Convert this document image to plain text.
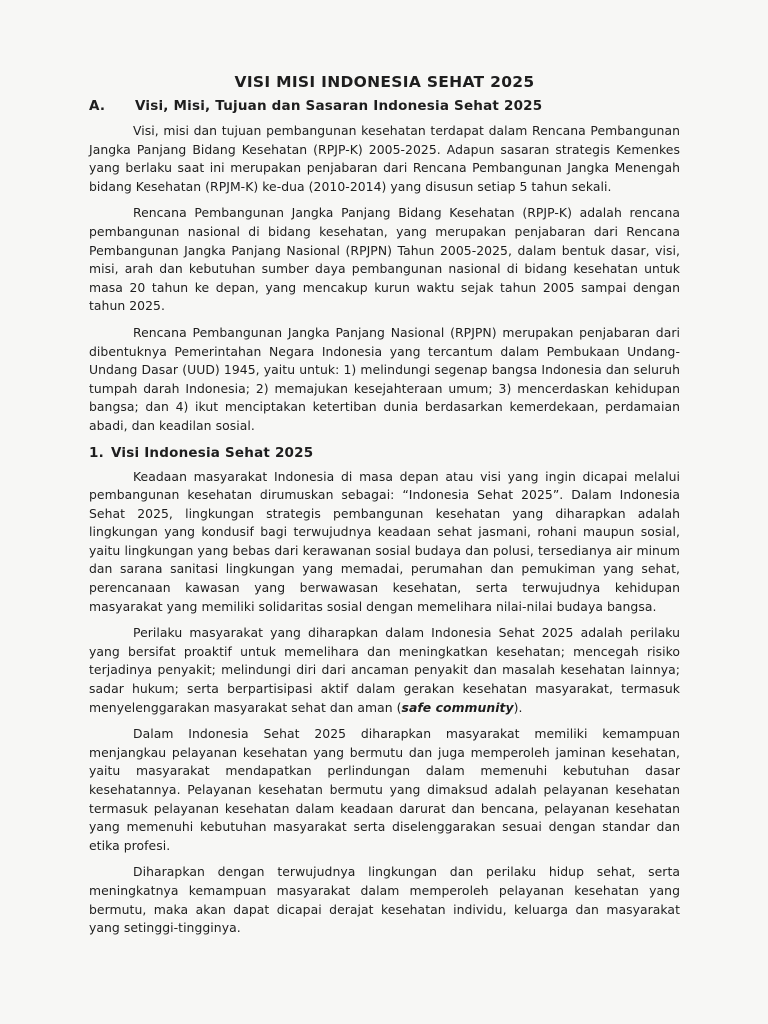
VISI MISI INDONESIA SEHAT 2025
A.	Visi, Misi, Tujuan dan Sasaran Indonesia Sehat 2025

Visi, misi dan tujuan pembangunan kesehatan terdapat dalam Rencana Pembangunan Jangka Panjang Bidang Kesehatan (RPJP-K) 2005-2025. Adapun sasaran strategis Kemenkes yang berlaku saat ini merupakan penjabaran dari Rencana Pembangunan Jangka Menengah bidang Kesehatan (RPJM-K) ke-dua (2010-2014) yang disusun setiap 5 tahun sekali.

Rencana Pembangunan Jangka Panjang Bidang Kesehatan (RPJP-K) adalah rencana pembangunan nasional di bidang kesehatan, yang merupakan penjabaran dari Rencana Pembangunan Jangka Panjang Nasional (RPJPN) Tahun 2005-2025, dalam bentuk dasar, visi, misi, arah dan kebutuhan sumber daya pembangunan nasional di bidang kesehatan untuk masa 20 tahun ke depan, yang mencakup kurun waktu sejak tahun 2005 sampai dengan tahun 2025.

Rencana Pembangunan Jangka Panjang Nasional (RPJPN) merupakan penjabaran dari dibentuknya Pemerintahan Negara Indonesia yang tercantum dalam Pembukaan Undang-Undang Dasar (UUD) 1945, yaitu untuk: 1) melindungi segenap bangsa Indonesia dan seluruh tumpah darah Indonesia; 2) memajukan kesejahteraan umum; 3) mencerdaskan kehidupan bangsa; dan 4) ikut menciptakan ketertiban dunia berdasarkan kemerdekaan, perdamaian abadi, dan keadilan sosial.

1. Visi Indonesia Sehat 2025

Keadaan masyarakat Indonesia di masa depan atau visi yang ingin dicapai melalui pembangunan kesehatan dirumuskan sebagai: “Indonesia Sehat 2025”. Dalam Indonesia Sehat 2025, lingkungan strategis pembangunan kesehatan yang diharapkan adalah lingkungan yang kondusif bagi terwujudnya keadaan sehat jasmani, rohani maupun sosial, yaitu lingkungan yang bebas dari kerawanan sosial budaya dan polusi, tersedianya air minum dan sarana sanitasi lingkungan yang memadai, perumahan dan pemukiman yang sehat, perencanaan kawasan yang berwawasan kesehatan, serta terwujudnya kehidupan masyarakat yang memiliki solidaritas sosial dengan memelihara nilai-nilai budaya bangsa.

Perilaku masyarakat yang diharapkan dalam Indonesia Sehat 2025 adalah perilaku yang bersifat proaktif untuk memelihara dan meningkatkan kesehatan; mencegah risiko terjadinya penyakit; melindungi diri dari ancaman penyakit dan masalah kesehatan lainnya; sadar hukum; serta berpartisipasi aktif dalam gerakan kesehatan masyarakat, termasuk menyelenggarakan masyarakat sehat dan aman (safe community).

Dalam Indonesia Sehat 2025 diharapkan masyarakat memiliki kemampuan menjangkau pelayanan kesehatan yang bermutu dan juga memperoleh jaminan kesehatan, yaitu masyarakat mendapatkan perlindungan dalam memenuhi kebutuhan dasar kesehatannya. Pelayanan kesehatan bermutu yang dimaksud adalah pelayanan kesehatan termasuk pelayanan kesehatan dalam keadaan darurat dan bencana, pelayanan kesehatan yang memenuhi kebutuhan masyarakat serta diselenggarakan sesuai dengan standar dan etika profesi.

Diharapkan dengan terwujudnya lingkungan dan perilaku hidup sehat, serta meningkatnya kemampuan masyarakat dalam memperoleh pelayanan kesehatan yang bermutu, maka akan dapat dicapai derajat kesehatan individu, keluarga dan masyarakat yang setinggi-tingginya.
